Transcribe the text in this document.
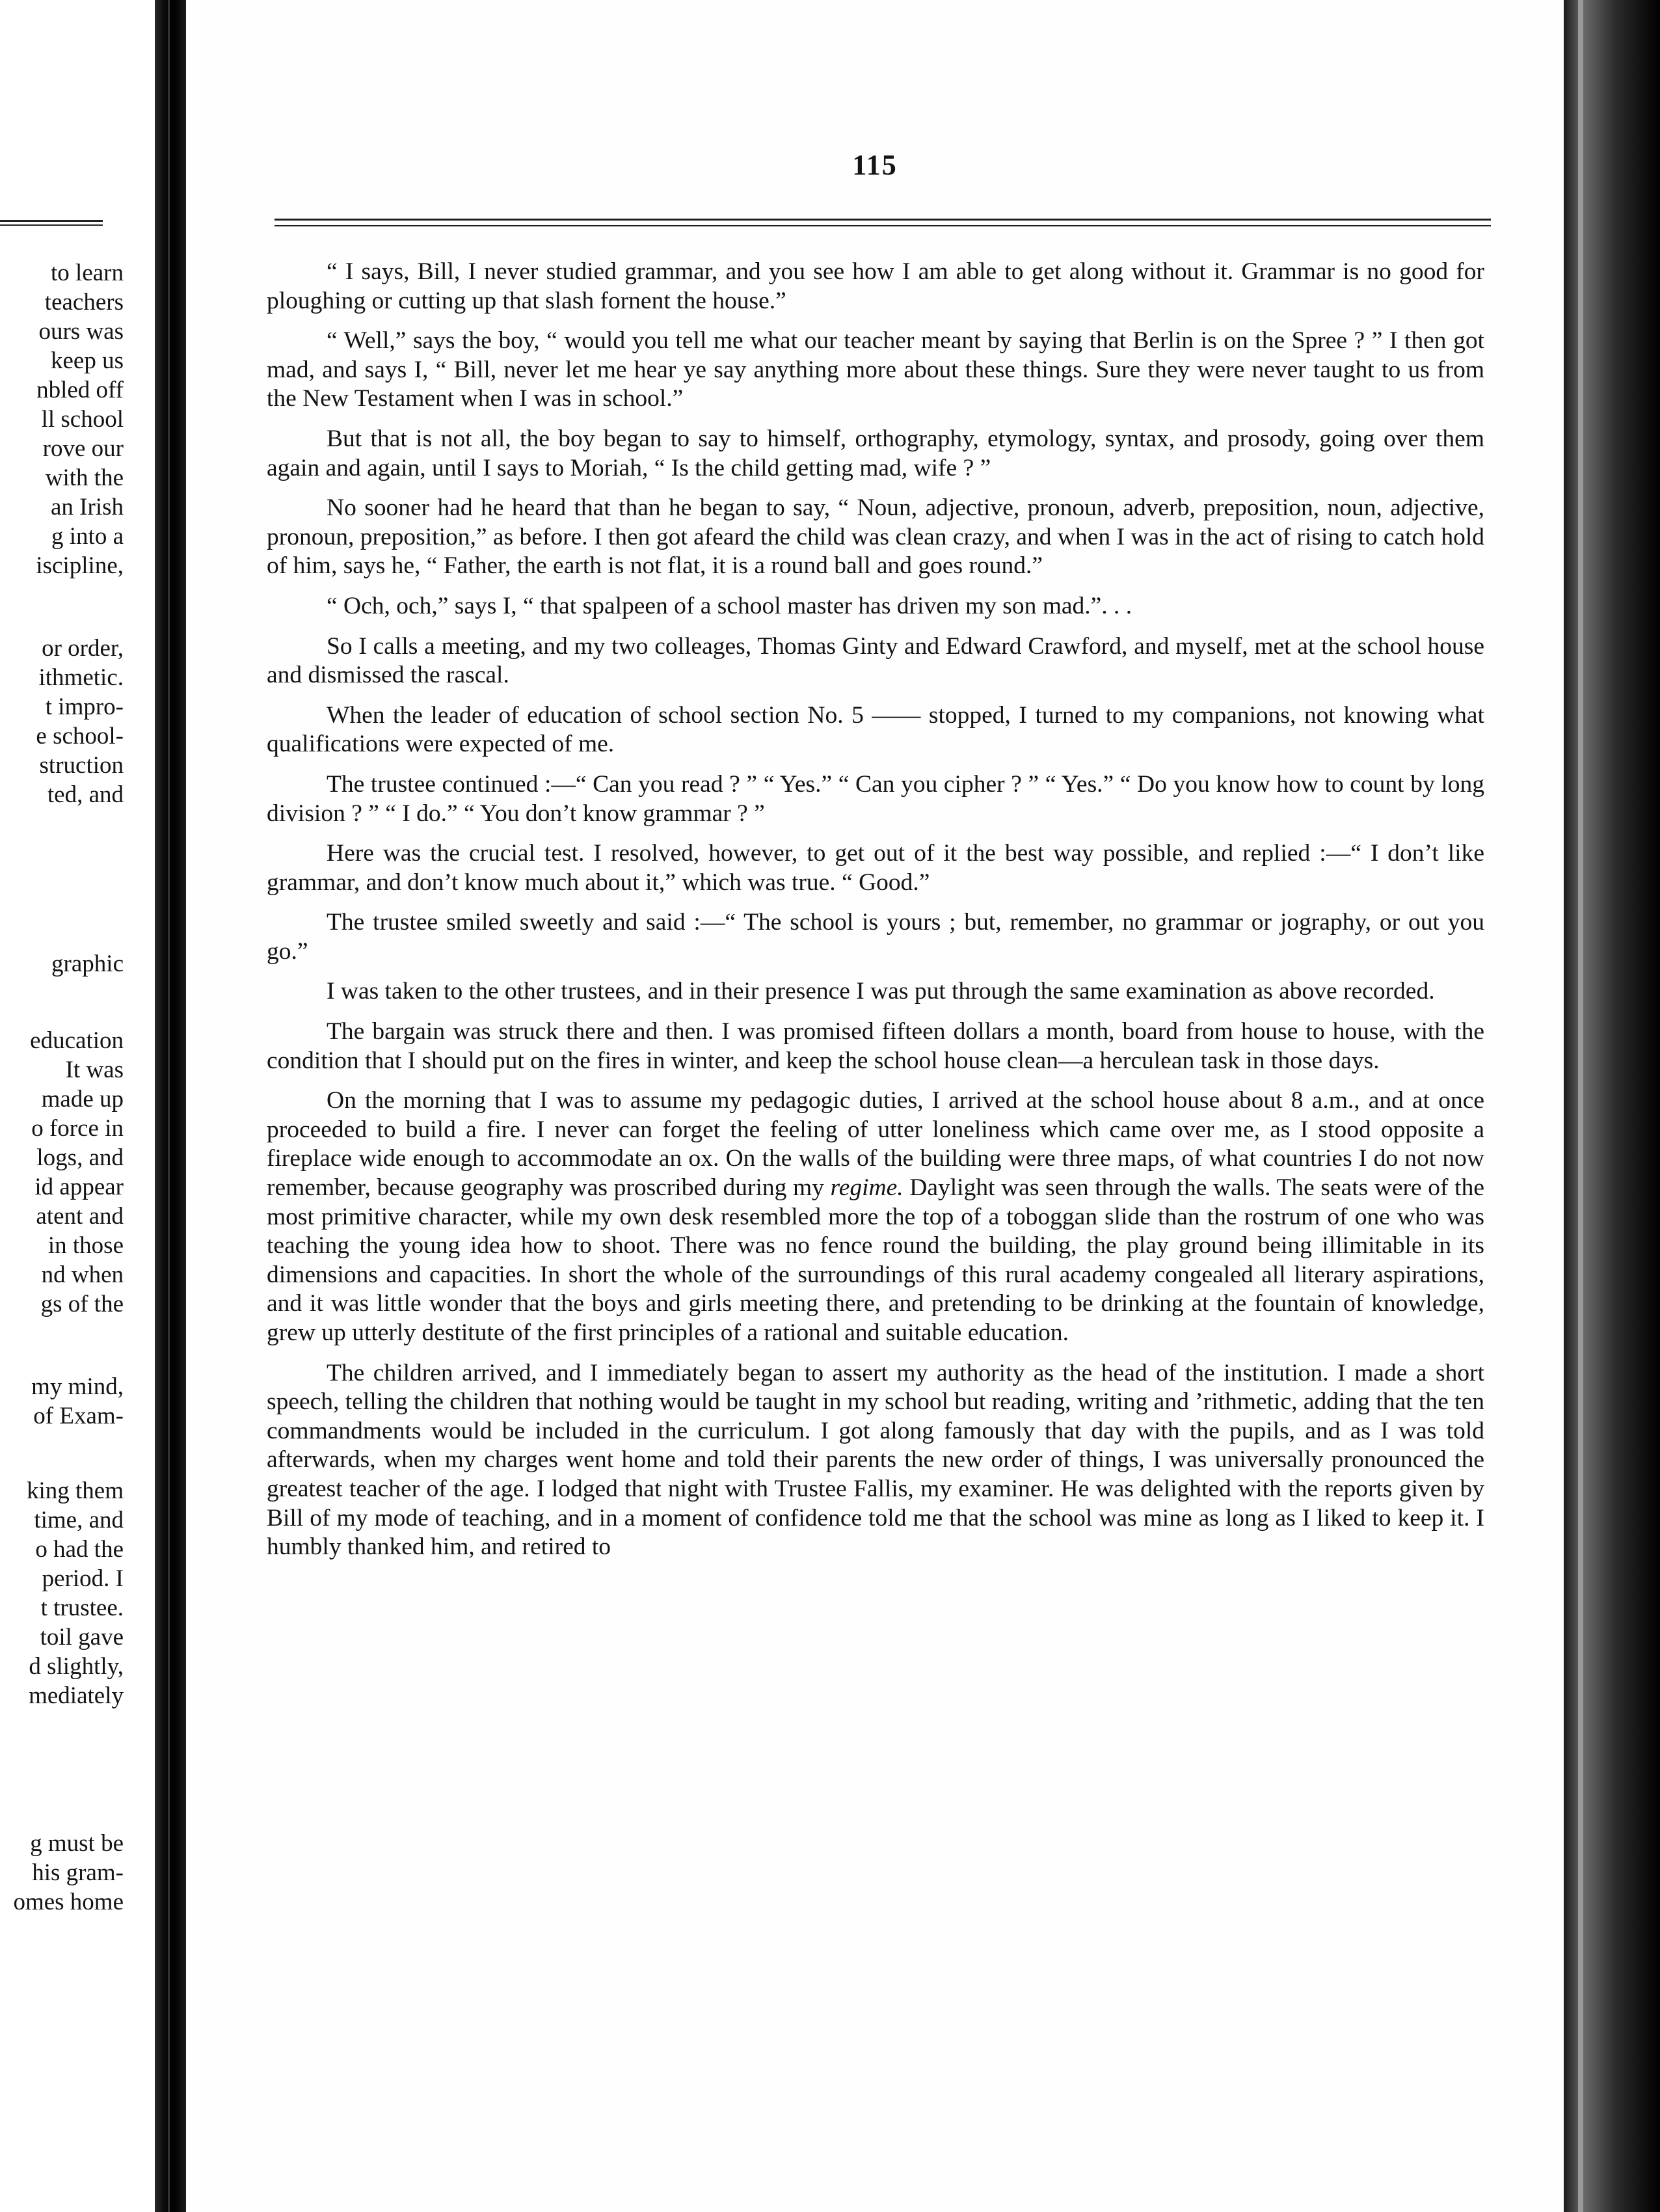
to learn
teachers
ours was
keep us
nbled off
ll school
rove our
with the
an Irish
g into a
iscipline,
or order,
ithmetic.
t impro-
e school-
struction
ted, and
graphic
education
It was
made up
o force in
logs, and
id appear
atent and
in those
nd when
gs of the
my mind,
of Exam-
king them
time, and
o had the
period. I
t trustee.
toil gave
d slightly,
mediately
g must be
his gram-
omes home
115

“ I says, Bill, I never studied grammar, and you see how I am able to get along without it. Grammar is no good for ploughing or cutting up that slash fornent the house.”

“ Well,” says the boy, “ would you tell me what our teacher meant by saying that Berlin is on the Spree ? ” I then got mad, and says I, “ Bill, never let me hear ye say anything more about these things. Sure they were never taught to us from the New Testament when I was in school.”

But that is not all, the boy began to say to himself, orthography, etymology, syntax, and prosody, going over them again and again, until I says to Moriah, “ Is the child getting mad, wife ? ”

No sooner had he heard that than he began to say, “ Noun, adjective, pronoun, adverb, preposition, noun, adjective, pronoun, preposition,” as before. I then got afeard the child was clean crazy, and when I was in the act of rising to catch hold of him, says he, “ Father, the earth is not flat, it is a round ball and goes round.”

“ Och, och,” says I, “ that spalpeen of a school master has driven my son mad.”. . .

So I calls a meeting, and my two colleages, Thomas Ginty and Edward Crawford, and myself, met at the school house and dismissed the rascal.

When the leader of education of school section No. 5 —— stopped, I turned to my companions, not knowing what qualifications were expected of me.

The trustee continued :—“ Can you read ? ” “ Yes.” “ Can you cipher ? ” “ Yes.” “ Do you know how to count by long division ? ” “ I do.” “ You don’t know grammar ? ”

Here was the crucial test. I resolved, however, to get out of it the best way possible, and replied :—“ I don’t like grammar, and don’t know much about it,” which was true. “ Good.”

The trustee smiled sweetly and said :—“ The school is yours ; but, remember, no grammar or jography, or out you go.”

I was taken to the other trustees, and in their presence I was put through the same examination as above recorded.

The bargain was struck there and then. I was promised fifteen dollars a month, board from house to house, with the condition that I should put on the fires in winter, and keep the school house clean—a herculean task in those days.

On the morning that I was to assume my pedagogic duties, I arrived at the school house about 8 a.m., and at once proceeded to build a fire. I never can forget the feeling of utter loneliness which came over me, as I stood opposite a fireplace wide enough to accommodate an ox. On the walls of the building were three maps, of what countries I do not now remember, because geography was proscribed during my regime. Daylight was seen through the walls. The seats were of the most primitive character, while my own desk resembled more the top of a toboggan slide than the rostrum of one who was teaching the young idea how to shoot. There was no fence round the building, the play ground being illimitable in its dimensions and capacities. In short the whole of the surroundings of this rural academy congealed all literary aspirations, and it was little wonder that the boys and girls meeting there, and pretending to be drinking at the fountain of knowledge, grew up utterly destitute of the first principles of a rational and suitable education.

The children arrived, and I immediately began to assert my authority as the head of the institution. I made a short speech, telling the children that nothing would be taught in my school but reading, writing and ’rithmetic, adding that the ten commandments would be included in the curriculum. I got along famously that day with the pupils, and as I was told afterwards, when my charges went home and told their parents the new order of things, I was universally pronounced the greatest teacher of the age. I lodged that night with Trustee Fallis, my examiner. He was delighted with the reports given by Bill of my mode of teaching, and in a moment of confidence told me that the school was mine as long as I liked to keep it. I humbly thanked him, and retired to
